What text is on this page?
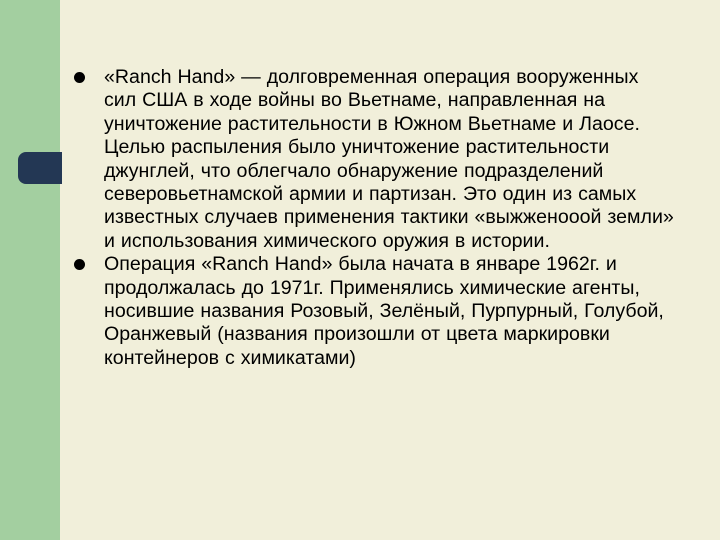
«Ranch Hand» — долговременная операция вооруженных сил США в ходе войны во Вьетнаме, направленная на уничтожение растительности в Южном Вьетнаме и Лаосе. Целью распыления было уничтожение растительности джунглей, что облегчало обнаружение подразделений северовьетнамской армии и партизан. Это один из самых известных случаев применения тактики «выжженооой земли» и использования химического оружия в истории.
Операция «Ranch Hand» была начата в январе 1962г. и продолжалась до 1971г. Применялись химические агенты, носившие названия Розовый, Зелёный, Пурпурный, Голубой, Оранжевый (названия произошли от цвета маркировки контейнеров с химикатами)
